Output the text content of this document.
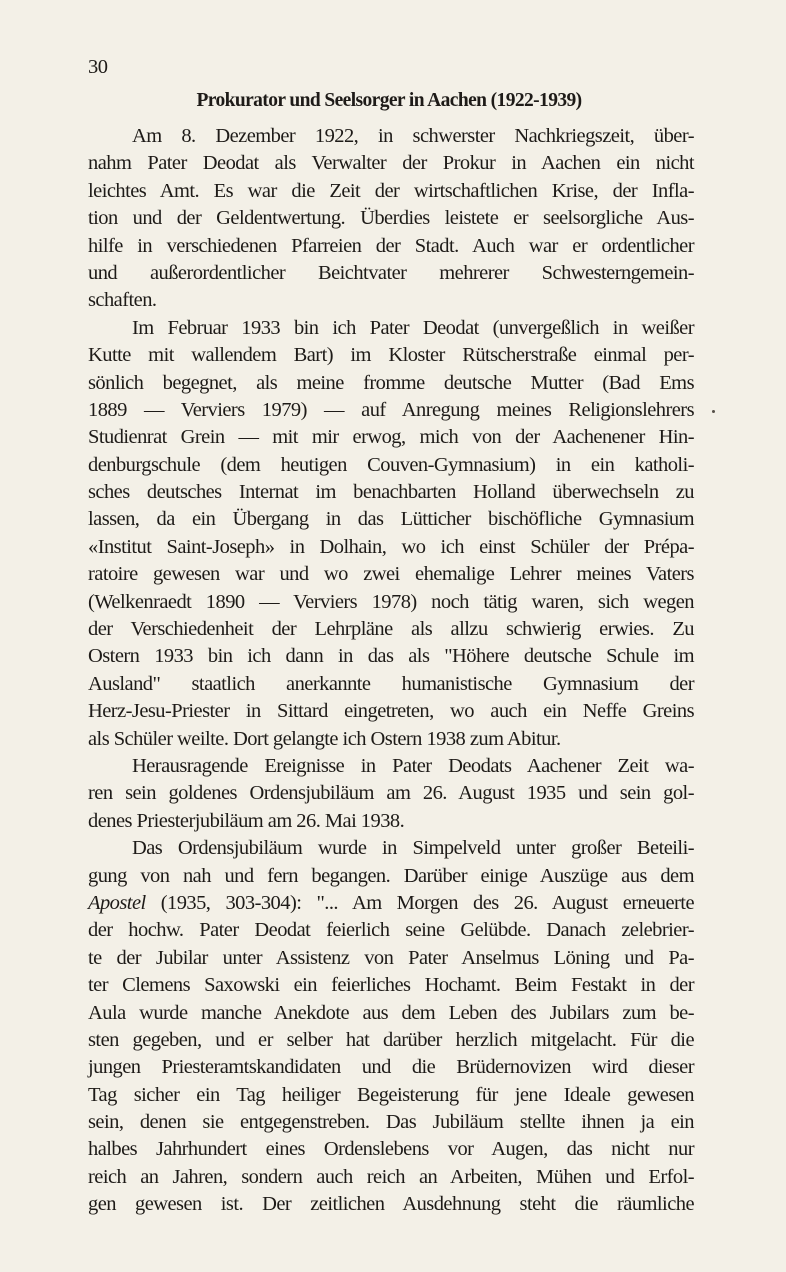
30
Prokurator und Seelsorger in Aachen (1922-1939)
Am 8. Dezember 1922, in schwerster Nachkriegszeit, über-
nahm Pater Deodat als Verwalter der Prokur in Aachen ein nicht
leichtes Amt. Es war die Zeit der wirtschaftlichen Krise, der Infla-
tion und der Geldentwertung. Überdies leistete er seelsorgliche Aus-
hilfe in verschiedenen Pfarreien der Stadt. Auch war er ordentlicher
und außerordentlicher Beichtvater mehrerer Schwesterngemein-
schaften.
Im Februar 1933 bin ich Pater Deodat (unvergeßlich in weißer
Kutte mit wallendem Bart) im Kloster Rütscherstraße einmal per-
sönlich begegnet, als meine fromme deutsche Mutter (Bad Ems
1889 — Verviers 1979) — auf Anregung meines Religionslehrers
Studienrat Grein — mit mir erwog, mich von der Aachenener Hin-
denburgschule (dem heutigen Couven-Gymnasium) in ein katholi-
sches deutsches Internat im benachbarten Holland überwechseln zu
lassen, da ein Übergang in das Lütticher bischöfliche Gymnasium
«Institut Saint-Joseph» in Dolhain, wo ich einst Schüler der Prépa-
ratoire gewesen war und wo zwei ehemalige Lehrer meines Vaters
(Welkenraedt 1890 — Verviers 1978) noch tätig waren, sich wegen
der Verschiedenheit der Lehrpläne als allzu schwierig erwies. Zu
Ostern 1933 bin ich dann in das als "Höhere deutsche Schule im
Ausland" staatlich anerkannte humanistische Gymnasium der
Herz-Jesu-Priester in Sittard eingetreten, wo auch ein Neffe Greins
als Schüler weilte. Dort gelangte ich Ostern 1938 zum Abitur.
Herausragende Ereignisse in Pater Deodats Aachener Zeit wa-
ren sein goldenes Ordensjubiläum am 26. August 1935 und sein gol-
denes Priesterjubiläum am 26. Mai 1938.
Das Ordensjubiläum wurde in Simpelveld unter großer Beteili-
gung von nah und fern begangen. Darüber einige Auszüge aus dem
Apostel (1935, 303-304): "... Am Morgen des 26. August erneuerte
der hochw. Pater Deodat feierlich seine Gelübde. Danach zelebrier-
te der Jubilar unter Assistenz von Pater Anselmus Löning und Pa-
ter Clemens Saxowski ein feierliches Hochamt. Beim Festakt in der
Aula wurde manche Anekdote aus dem Leben des Jubilars zum be-
sten gegeben, und er selber hat darüber herzlich mitgelacht. Für die
jungen Priesteramtskandidaten und die Brüdernovizen wird dieser
Tag sicher ein Tag heiliger Begeisterung für jene Ideale gewesen
sein, denen sie entgegenstreben. Das Jubiläum stellte ihnen ja ein
halbes Jahrhundert eines Ordenslebens vor Augen, das nicht nur
reich an Jahren, sondern auch reich an Arbeiten, Mühen und Erfol-
gen gewesen ist. Der zeitlichen Ausdehnung steht die räumliche
